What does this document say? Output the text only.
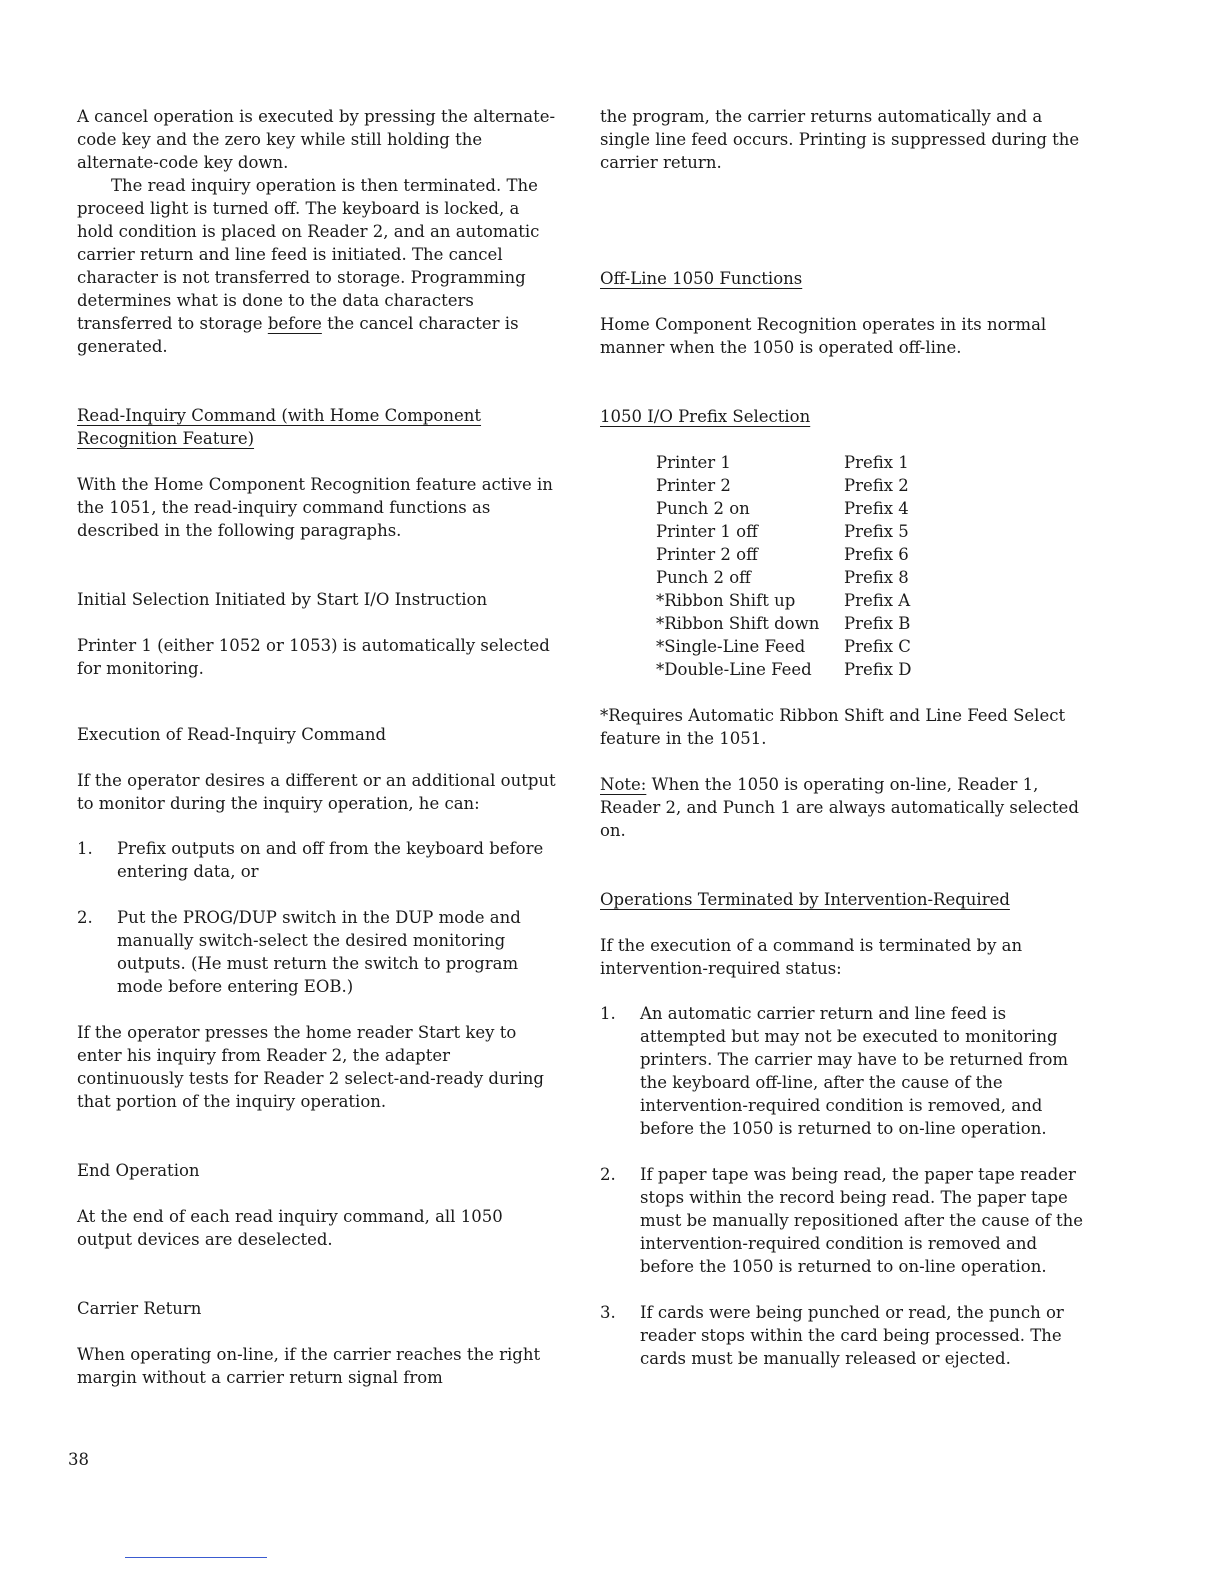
A cancel operation is executed by pressing the alternate-code key and the zero key while still holding the alternate-code key down.

The read inquiry operation is then terminated. The proceed light is turned off. The keyboard is locked, a hold condition is placed on Reader 2, and an automatic carrier return and line feed is initiated. The cancel character is not transferred to storage. Programming determines what is done to the data characters transferred to storage before the cancel character is generated.

Read-Inquiry Command (with Home Component Recognition Feature)

With the Home Component Recognition feature active in the 1051, the read-inquiry command functions as described in the following paragraphs.

Initial Selection Initiated by Start I/O Instruction

Printer 1 (either 1052 or 1053) is automatically selected for monitoring.

Execution of Read-Inquiry Command

If the operator desires a different or an additional output to monitor during the inquiry operation, he can:

1.	Prefix outputs on and off from the keyboard before entering data, or
2.	Put the PROG/DUP switch in the DUP mode and manually switch-select the desired monitoring outputs. (He must return the switch to program mode before entering EOB.)

If the operator presses the home reader Start key to enter his inquiry from Reader 2, the adapter continuously tests for Reader 2 select-and-ready during that portion of the inquiry operation.

End Operation

At the end of each read inquiry command, all 1050 output devices are deselected.

Carrier Return

When operating on-line, if the carrier reaches the right margin without a carrier return signal from

the program, the carrier returns automatically and a single line feed occurs. Printing is suppressed during the carrier return.

Off-Line 1050 Functions

Home Component Recognition operates in its normal manner when the 1050 is operated off-line.

1050 I/O Prefix Selection

Printer 1	Prefix 1
Printer 2	Prefix 2
Punch 2 on	Prefix 4
Printer 1 off	Prefix 5
Printer 2 off	Prefix 6
Punch 2 off	Prefix 8
*Ribbon Shift up	Prefix A
*Ribbon Shift down	Prefix B
*Single-Line Feed	Prefix C
*Double-Line Feed	Prefix D

*Requires Automatic Ribbon Shift and Line Feed Select feature in the 1051.

Note: When the 1050 is operating on-line, Reader 1, Reader 2, and Punch 1 are always automatically selected on.

Operations Terminated by Intervention-Required

If the execution of a command is terminated by an intervention-required status:

1.	An automatic carrier return and line feed is attempted but may not be executed to monitoring printers. The carrier may have to be returned from the keyboard off-line, after the cause of the intervention-required condition is removed, and before the 1050 is returned to on-line operation.
2.	If paper tape was being read, the paper tape reader stops within the record being read. The paper tape must be manually repositioned after the cause of the intervention-required condition is removed and before the 1050 is returned to on-line operation.
3.	If cards were being punched or read, the punch or reader stops within the card being processed. The cards must be manually released or ejected.
38
